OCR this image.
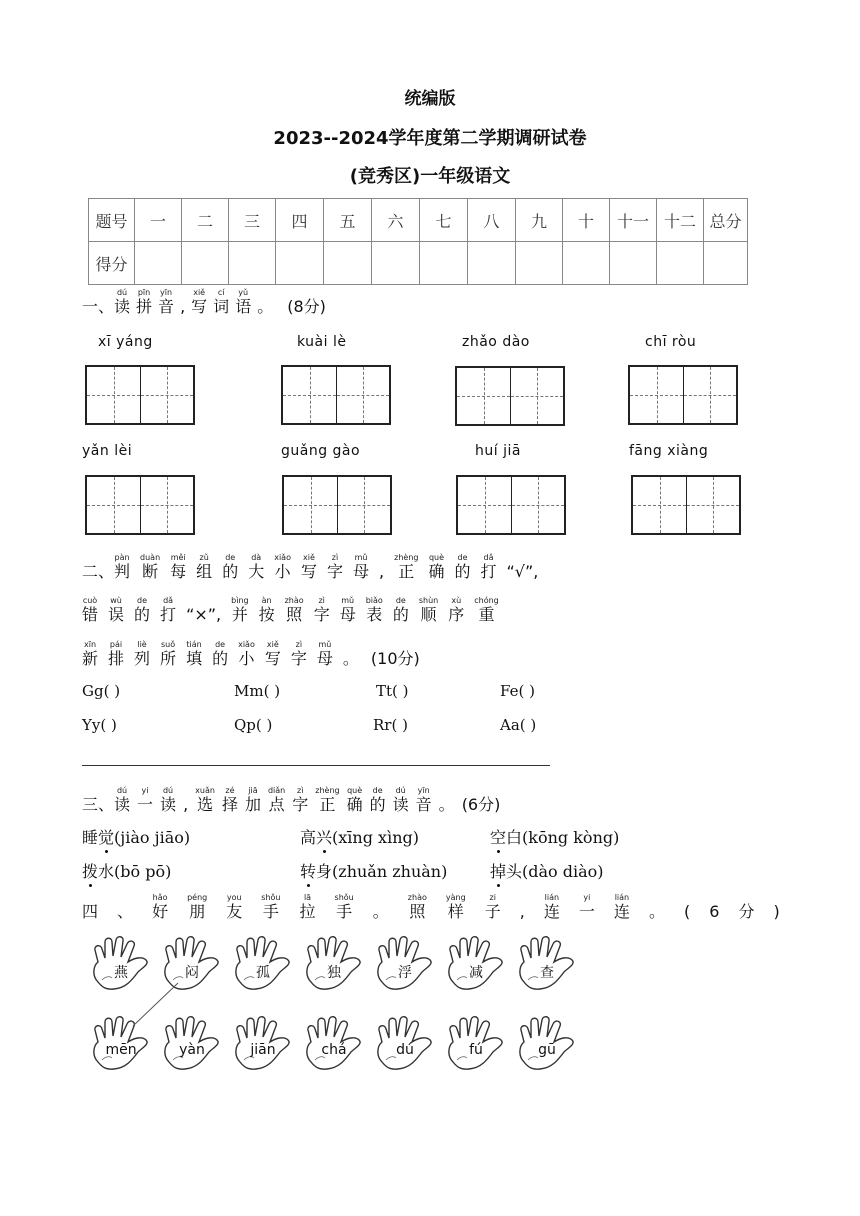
统编版
2023--2024学年度第二学期调研试卷
(竞秀区)一年级语文
题号	一	二	三	四	五	六	七	八	九	十	十一	十二	总分
得分													
一、
dú
读
pīn
拼
yīn
音 ,
xiě
写
cí
词
yǔ
语 。 (8分)
xī yáng	kuài lè	zhǎo dào	chī ròu
yǎn lèi	guǎng gào	huí jiā	fāng xiàng
二、
pàn
判
duàn
断
měi
每
zǔ
组
de
的
dà
大
xiǎo
小
xiě
写
zì
字
mǔ
母 ,
zhèng
正
què
确
de
的
dǎ
打 “√”,
cuò
错
wù
误
de
的
dǎ
打 “×”,
bìng
并
àn
按
zhào
照
zì
字
mǔ
母
biǎo
表
de
的
shùn
顺
xù
序
chóng
重
xīn
新
pái
排
liè
列
suǒ
所
tián
填
de
的
xiǎo
小
xiě
写
zì
字
mǔ
母 。 (10分)
Gg( )	Mm( )	Tt( )	Fe( )
Yy( )	Qp( )	Rr( )	Aa( )
三、
dú
读
yi
一
dú
读 ,
xuǎn
选
zé
择
jiā
加
diǎn
点
zì
字
zhèng
正
què
确
de
的
dú
读
yīn
音 。 (6分)
睡觉(jiào jiāo)	高兴(xīng xìng)	空白(kōng kòng)
拨水(bō pō)	转身(zhuǎn zhuàn)	掉头(dào diào)
四 、
hǎo
好
péng
朋
you
友
shǒu
手
lā
拉
shǒu
手 。
zhào
照
yàng
样
zi
子 ,
lián
连
yi
一
lián
连 。 ( 6 分 )
燕	闷	孤	独	浮	减	查
mēn	yàn	jiān	chá	dú	fú	gū
